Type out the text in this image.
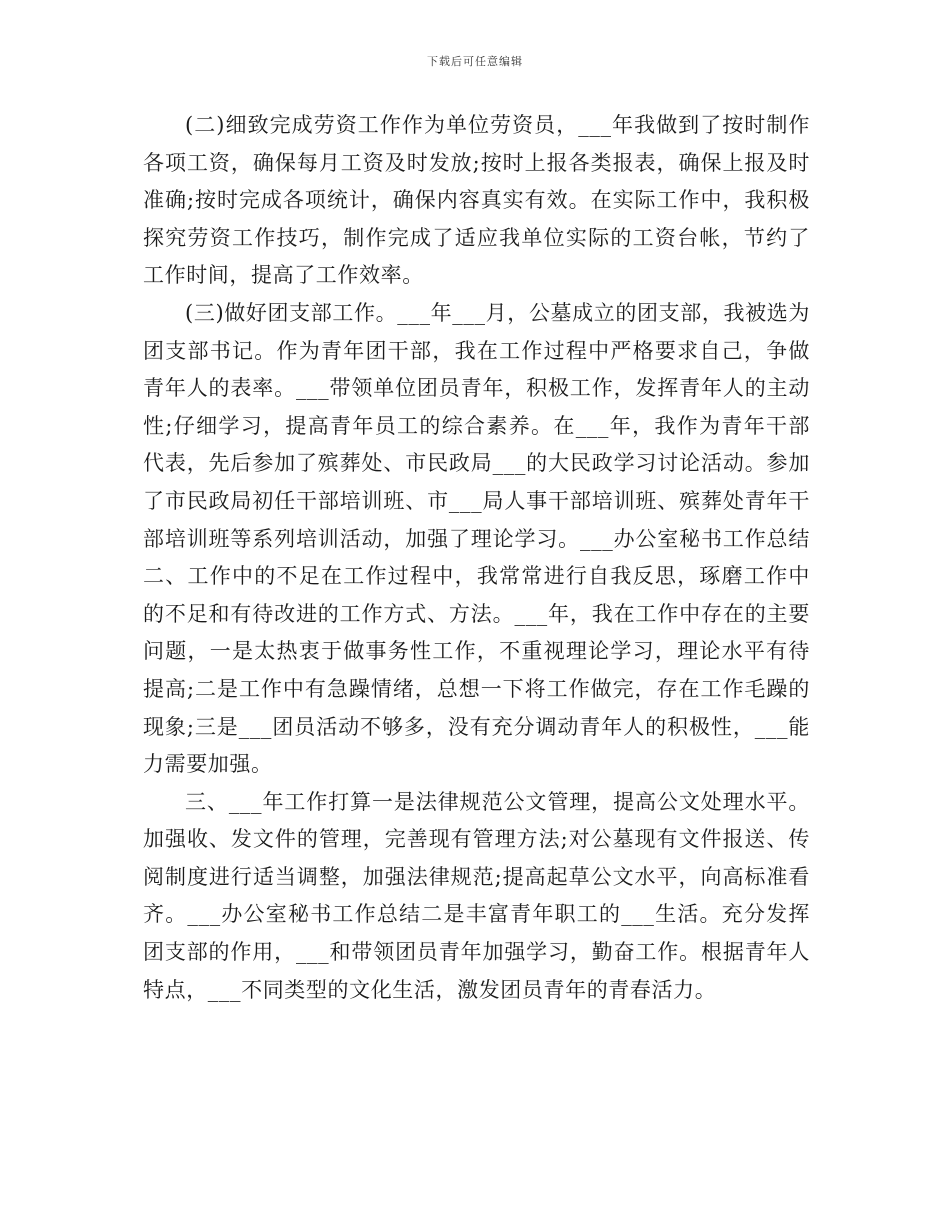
下载后可任意编辑

(二)细致完成劳资工作作为单位劳资员，___年我做到了按时制作各项工资，确保每月工资及时发放;按时上报各类报表，确保上报及时准确;按时完成各项统计，确保内容真实有效。在实际工作中，我积极探究劳资工作技巧，制作完成了适应我单位实际的工资台帐，节约了工作时间，提高了工作效率。

(三)做好团支部工作。___年___月，公墓成立的团支部，我被选为团支部书记。作为青年团干部，我在工作过程中严格要求自己，争做青年人的表率。___带领单位团员青年，积极工作，发挥青年人的主动性;仔细学习，提高青年员工的综合素养。在___年，我作为青年干部代表，先后参加了殡葬处、市民政局___的大民政学习讨论活动。参加了市民政局初任干部培训班、市___局人事干部培训班、殡葬处青年干部培训班等系列培训活动，加强了理论学习。___办公室秘书工作总结二、工作中的不足在工作过程中，我常常进行自我反思，琢磨工作中的不足和有待改进的工作方式、方法。___年，我在工作中存在的主要问题，一是太热衷于做事务性工作，不重视理论学习，理论水平有待提高;二是工作中有急躁情绪，总想一下将工作做完，存在工作毛躁的现象;三是___团员活动不够多，没有充分调动青年人的积极性，___能力需要加强。

三、___年工作打算一是法律规范公文管理，提高公文处理水平。加强收、发文件的管理，完善现有管理方法;对公墓现有文件报送、传阅制度进行适当调整，加强法律规范;提高起草公文水平，向高标准看齐。___办公室秘书工作总结二是丰富青年职工的___生活。充分发挥团支部的作用，___和带领团员青年加强学习，勤奋工作。根据青年人特点，___不同类型的文化生活，激发团员青年的青春活力。
